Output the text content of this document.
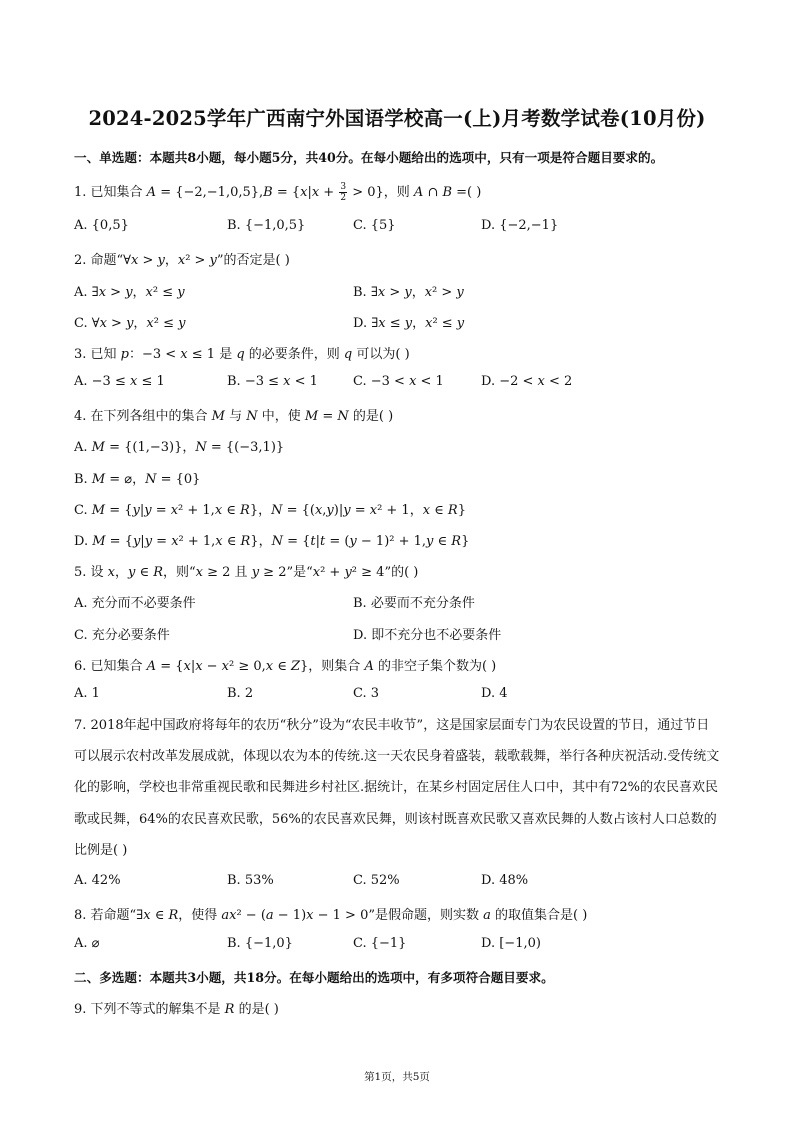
2024-2025学年广西南宁外国语学校高一(上)月考数学试卷(10月份)
一、单选题：本题共8小题，每小题5分，共40分。在每小题给出的选项中，只有一项是符合题目要求的。
1. 已知集合 𝐴 = {−2,−1,0,5},𝐵 = {𝑥|𝑥 + $\frac{3}{2} > 0$}，则 𝐴 ∩ 𝐵 =( )
A. {0,5}	B. {−1,0,5}	C. {5}	D. {−2,−1}
2. 命题“∀𝑥 > 𝑦，𝑥² > 𝑦”的否定是( )
A. ∃𝑥 > 𝑦，𝑥² ≤ 𝑦	B. ∃𝑥 > 𝑦，𝑥² > 𝑦
C. ∀𝑥 > 𝑦，𝑥² ≤ 𝑦	D. ∃𝑥 ≤ 𝑦，𝑥² ≤ 𝑦
3. 已知 𝑝：−3 < 𝑥 ≤ 1 是 𝑞 的必要条件，则 𝑞 可以为( )
A. −3 ≤ 𝑥 ≤ 1	B. −3 ≤ 𝑥 < 1	C. −3 < 𝑥 < 1	D. −2 < 𝑥 < 2
4. 在下列各组中的集合 𝑀 与 𝑁 中，使 𝑀 = 𝑁 的是( )
A. 𝑀 = {(1,−3)}，𝑁 = {(−3,1)}
B. 𝑀 = ⌀，𝑁 = {0}
C. 𝑀 = {𝑦|𝑦 = 𝑥² + 1,𝑥 ∈ 𝑅}，𝑁 = {(𝑥,𝑦)|𝑦 = 𝑥² + 1，𝑥 ∈ 𝑅}
D. 𝑀 = {𝑦|𝑦 = 𝑥² + 1,𝑥 ∈ 𝑅}，𝑁 = {𝑡|𝑡 = (𝑦 − 1)² + 1,𝑦 ∈ 𝑅}
5. 设 𝑥，𝑦 ∈ 𝑅，则“𝑥 ≥ 2 且 𝑦 ≥ 2”是“𝑥² + 𝑦² ≥ 4”的( )
A. 充分而不必要条件	B. 必要而不充分条件
C. 充分必要条件	D. 即不充分也不必要条件
6. 已知集合 𝐴 = {𝑥|𝑥 − 𝑥² ≥ 0,𝑥 ∈ 𝑍}，则集合 𝐴 的非空子集个数为( )
A. 1	B. 2	C. 3	D. 4
7. 2018年起中国政府将每年的农历“秋分”设为“农民丰收节”，这是国家层面专门为农民设置的节日，通过节日可以展示农村改革发展成就，体现以农为本的传统.这一天农民身着盛装，载歌载舞，举行各种庆祝活动.受传统文化的影响，学校也非常重视民歌和民舞进乡村社区.据统计，在某乡村固定居住人口中，其中有72%的农民喜欢民歌或民舞，64%的农民喜欢民歌，56%的农民喜欢民舞，则该村既喜欢民歌又喜欢民舞的人数占该村人口总数的比例是( )
A. 42%	B. 53%	C. 52%	D. 48%
8. 若命题“∃𝑥 ∈ 𝑅，使得 𝑎𝑥² − (𝑎 − 1)𝑥 − 1 > 0”是假命题，则实数 𝑎 的取值集合是( )
A. ⌀	B. {−1,0}	C. {−1}	D. [−1,0)
二、多选题：本题共3小题，共18分。在每小题给出的选项中，有多项符合题目要求。
9. 下列不等式的解集不是 𝑅 的是( )
第1页，共5页
